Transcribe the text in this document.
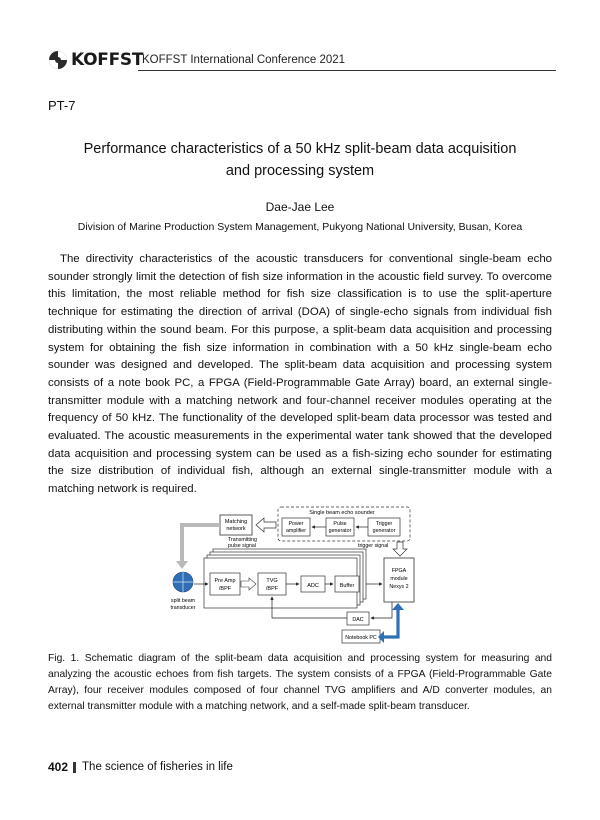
KOFFST
KOFFST International Conference 2021
PT-7
Performance characteristics of a 50 kHz split-beam data acquisition
and processing system
Dae-Jae Lee
Division of Marine Production System Management, Pukyong National University, Busan, Korea

The directivity characteristics of the acoustic transducers for conventional single-beam echo sounder strongly limit the detection of fish size information in the acoustic field survey. To overcome this limitation, the most reliable method for fish size classification is to use the split-aperture technique for estimating the direction of arrival (DOA) of single-echo signals from individual fish distributing within the sound beam. For this purpose, a split-beam data acquisition and processing system for obtaining the fish size information in combination with a 50 kHz single-beam echo sounder was designed and developed. The split-beam data acquisition and processing system consists of a note book PC, a FPGA (Field-Programmable Gate Array) board, an external single-transmitter module with a matching network and four-channel receiver modules operating at the frequency of 50 kHz. The functionality of the developed split-beam data processor was tested and evaluated. The acoustic measurements in the experimental water tank showed that the developed data acquisition and processing system can be used as a fish-sizing echo sounder for estimating the size distribution of individual fish, although an external single-transmitter module with a matching network is required.

Matching
network
Single beam echo sounder
Power
amplifier
Pulse
generator
Trigger
generator
Transmitting
pulse signal	trigger signal
Pre Amp
/BPF
TVG
/BPF	ADC	Buffer
FPGA
module
Nexys 2
DAC
Notebook PC
split beam
transducer

Fig. 1. Schematic diagram of the split-beam data acquisition and processing system for measuring and analyzing the acoustic echoes from fish targets. The system consists of a FPGA (Field-Programmable Gate Array), four receiver modules composed of four channel TVG amplifiers and A/D converter modules, an external transmitter module with a matching network, and a self-made split-beam transducer.

402 The science of fisheries in life
